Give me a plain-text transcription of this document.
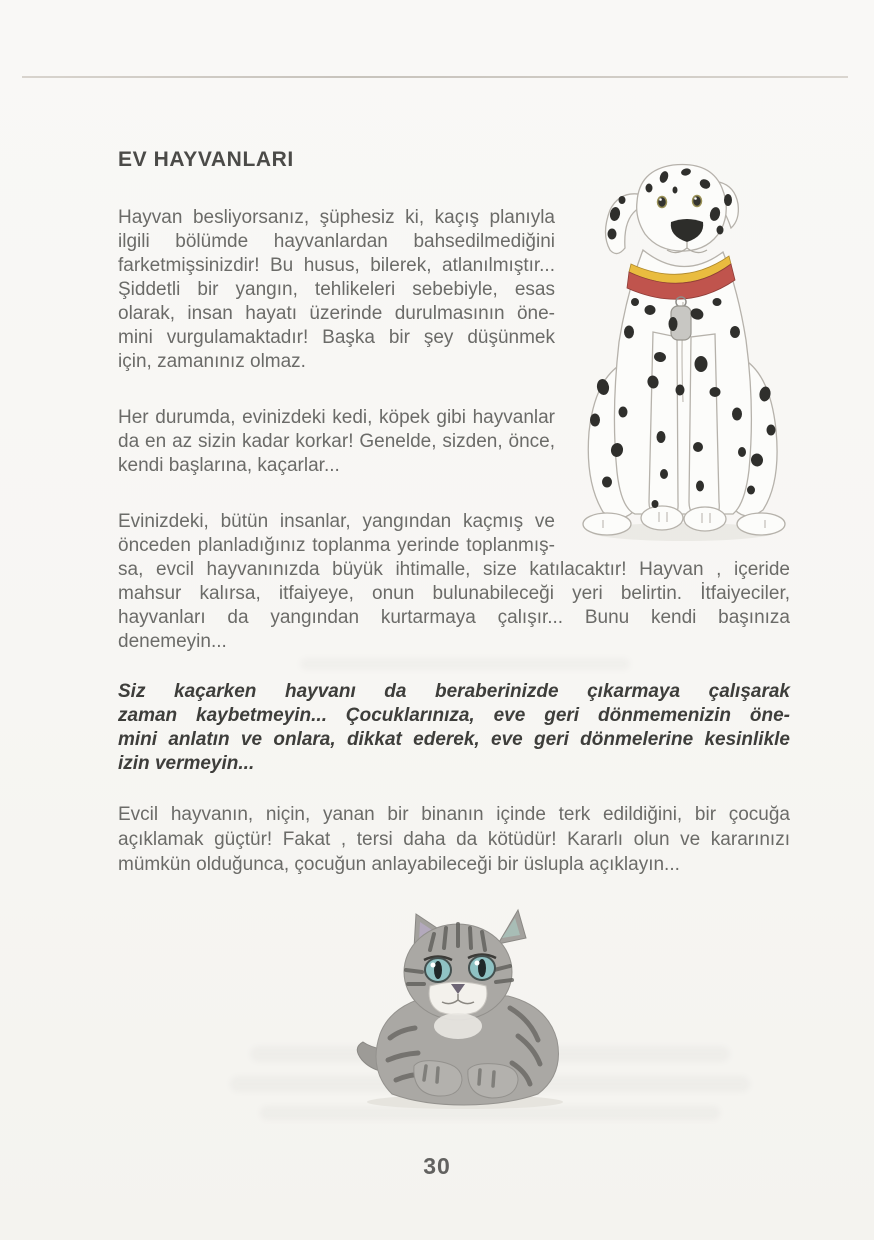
EV HAYVANLARI
Hayvan besliyorsanız, şüphesiz ki, kaçış planıyla
ilgili bölümde hayvanlardan bahsedilmediğini
farketmişsinizdir! Bu husus, bilerek, atlanılmıştır...
Şiddetli bir yangın, tehlikeleri sebebiyle, esas
olarak, insan hayatı üzerinde durulmasının öne-
mini vurgulamaktadır! Başka bir şey düşünmek
için, zamanınız olmaz.
Her durumda, evinizdeki kedi, köpek gibi hayvanlar
da en az sizin kadar korkar! Genelde, sizden, önce,
kendi başlarına, kaçarlar...
Evinizdeki, bütün insanlar, yangından kaçmış ve
önceden planladığınız toplanma yerinde toplanmış-
sa, evcil hayvanınızda büyük ihtimalle, size katılacaktır! Hayvan , içeride
mahsur kalırsa, itfaiyeye, onun bulunabileceği yeri belirtin. İtfaiyeciler,
hayvanları da yangından kurtarmaya çalışır... Bunu kendi başınıza
denemeyin...
Siz kaçarken hayvanı da beraberinizde çıkarmaya çalışarak
zaman kaybetmeyin... Çocuklarınıza, eve geri dönmemenizin öne-
mini anlatın ve onlara, dikkat ederek, eve geri dönmelerine kesinlikle
izin vermeyin...
Evcil hayvanın, niçin, yanan bir binanın içinde terk edildiğini, bir çocuğa
açıklamak güçtür! Fakat , tersi daha da kötüdür! Kararlı olun ve kararınızı
mümkün olduğunca, çocuğun anlayabileceği bir üslupla açıklayın...
30
